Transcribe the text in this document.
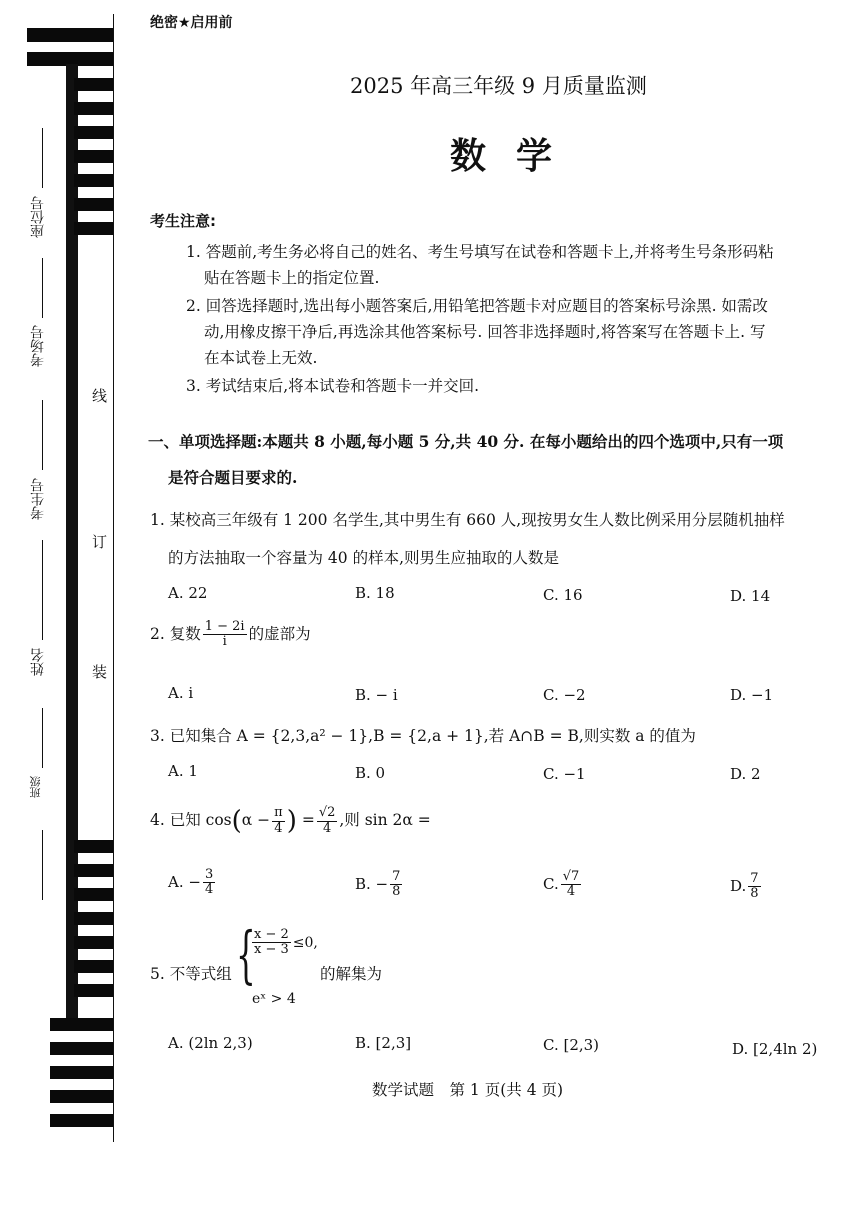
座位号
考场号
考生号
姓名
班级
线
订
装
绝密★启用前
2025 年高三年级 9 月质量监测
数学
考生注意:
1. 答题前,考生务必将自己的姓名、考生号填写在试卷和答题卡上,并将考生号条形码粘
贴在答题卡上的指定位置.
2. 回答选择题时,选出每小题答案后,用铅笔把答题卡对应题目的答案标号涂黑. 如需改
动,用橡皮擦干净后,再选涂其他答案标号. 回答非选择题时,将答案写在答题卡上. 写
在本试卷上无效.
3. 考试结束后,将本试卷和答题卡一并交回.
一、单项选择题:本题共 8 小题,每小题 5 分,共 40 分. 在每小题给出的四个选项中,只有一项
是符合题目要求的.
1. 某校高三年级有 1 200 名学生,其中男生有 660 人,现按男女生人数比例采用分层随机抽样
的方法抽取一个容量为 40 的样本,则男生应抽取的人数是
A. 22	B. 18	C. 16	D. 14
2. 复数 $\frac{1 - 2i}{i}$ 的虚部为
A. i	B. − i	C. −2	D. −1
3. 已知集合 A = {2,3,a² − 1},B = {2,a + 1},若 A∩B = B,则实数 a 的值为
A. 1	B. 0	C. −1	D. 2
4. 已知 $\cos(\alpha - \frac{\pi}{4}$ ) = $\frac{√2}{4}$ ,则 sin 2α =
A. − $\frac{3}{4}$	B. − $\frac{7}{8}$	C. $\frac{√7}{4}$	D. $\frac{7}{8}$
5. 不等式组 {
$\frac{x - 2}{x - 3} \le 0$,
eˣ > 4
的解集为
A. (2ln 2,3)	B. [2,3]	C. [2,3)	D. [2,4ln 2)
数学试题　第 1 页(共 4 页)
